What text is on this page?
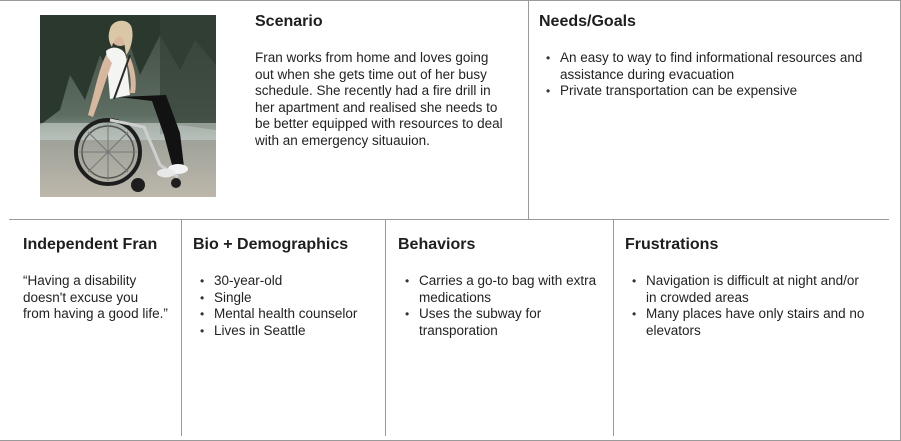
Scenario
Fran works from home and loves going out when she gets time out of her busy schedule. She recently had a fire drill in her apartment and realised she needs to be better equipped with resources to deal with an emergency situauion.
Needs/Goals
• An easy to way to find informational resources and assistance during evacuation
• Private transportation can be expensive
Independent Fran
“Having a disability doesn't excuse you from having a good life.”
Bio + Demographics
• 30-year-old
• Single
• Mental health counselor
• Lives in Seattle
Behaviors
• Carries a go-to bag with extra medications
• Uses the subway for transporation
Frustrations
• Navigation is difficult at night and/or in crowded areas
• Many places have only stairs and no elevators
